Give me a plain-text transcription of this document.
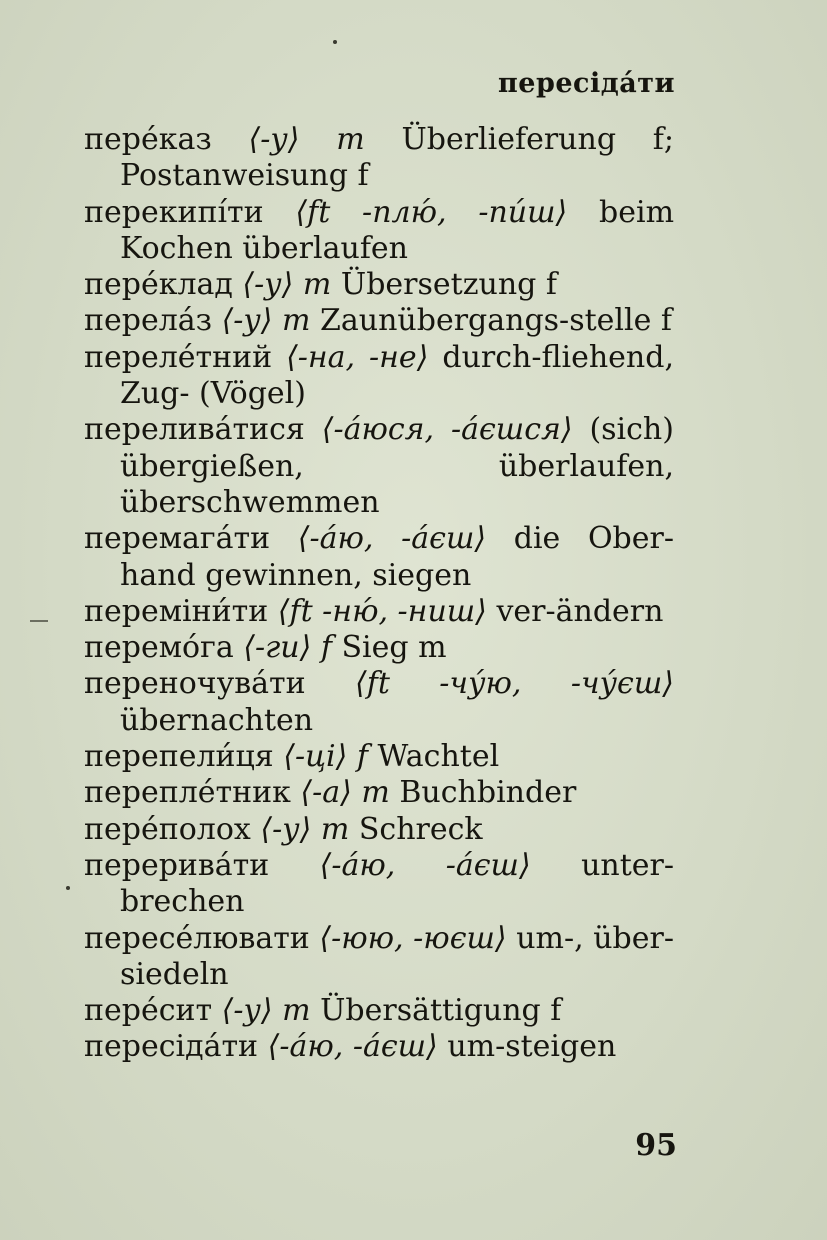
пересідáти
перéказ ⟨-у⟩ m Überlieferung f; Postanweisung f
перекипíти ⟨ft -плю́, -пи́ш⟩ beim Kochen überlaufen
перéклад ⟨-у⟩ m Übersetzung f
перелáз ⟨-у⟩ m Zaunübergangs-stelle f
перелéтний ⟨-на, -не⟩ durch-fliehend, Zug- (Vögel)
переливáтися ⟨-áюся, -áєшся⟩ (sich) übergießen, überlaufen, überschwemmen
перемагáти ⟨-áю, -áєш⟩ die Ober-hand gewinnen, siegen
переміни́ти ⟨ft -ню́, -ниш⟩ ver-ändern
перемóга ⟨-ги⟩ f Sieg m
переночувáти ⟨ft -чу́ю, -чу́єш⟩ übernachten
перепели́ця ⟨-ці⟩ f Wachtel
переплéтник ⟨-а⟩ m Buchbinder
перéполох ⟨-у⟩ m Schreck
переривáти ⟨-áю, -áєш⟩ unter-brechen
пересéлювати ⟨-юю, -юєш⟩ um-, über-siedeln
перéсит ⟨-у⟩ m Übersättigung f
пересідáти ⟨-áю, -áєш⟩ um-steigen
95
